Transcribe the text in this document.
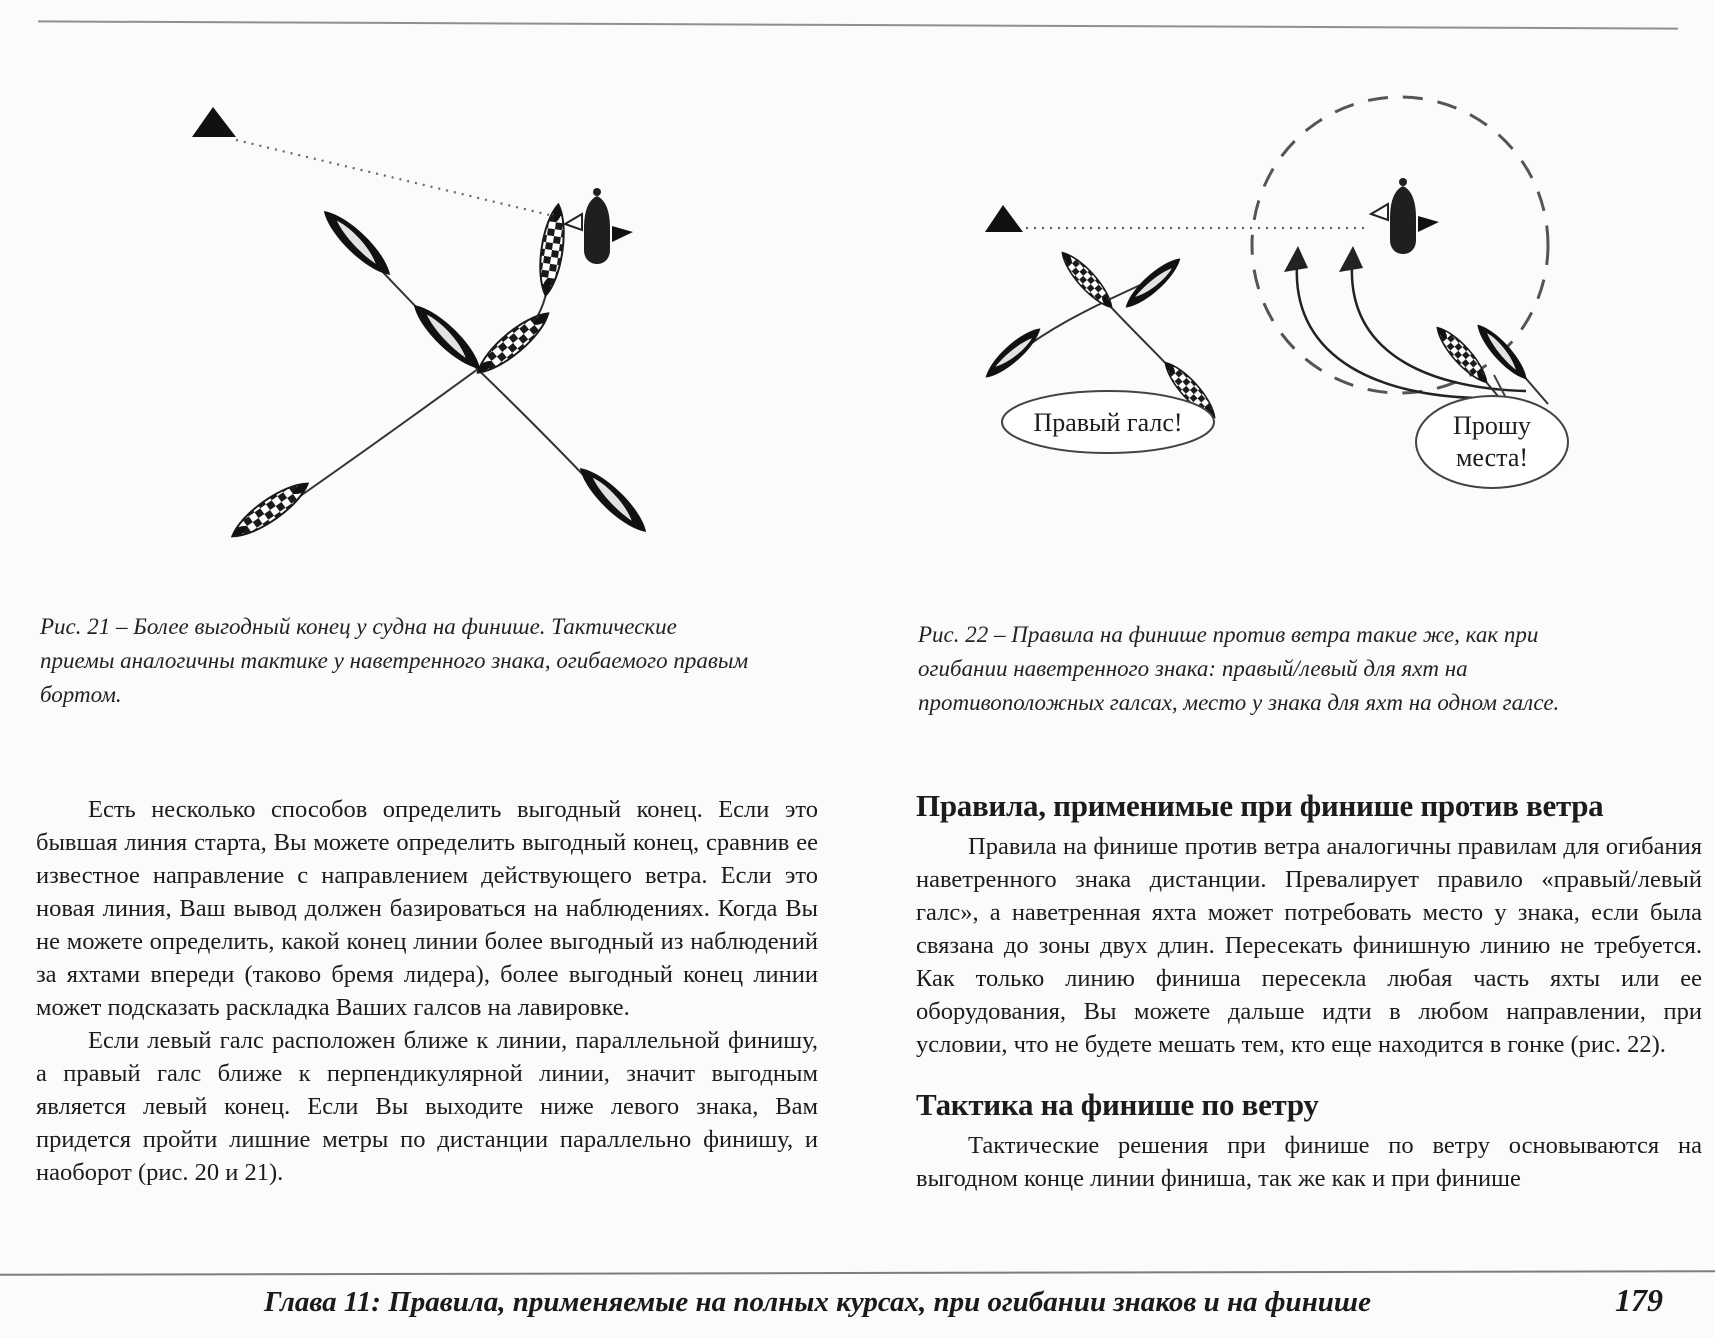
Правый галс!	Прошу
места!
Рис. 21 – Более выгодный конец у судна на финише. Тактические приемы аналогичны тактике у наветренного знака, огибаемого правым бортом.
Рис. 22 – Правила на финише против ветра такие же, как при огибании наветренного знака: правый/левый для яхт на противоположных галсах, место у знака для яхт на одном галсе.

Есть несколько способов определить выгодный конец. Если это бывшая линия старта, Вы можете определить выгодный конец, сравнив ее известное направление с направлением действующего ветра. Если это новая линия, Ваш вывод должен базироваться на наблюдениях. Когда Вы не можете определить, какой конец линии более выгодный из наблюдений за яхтами впереди (таково бремя лидера), более выгодный конец линии может подсказать раскладка Ваших галсов на лавировке.

Если левый галс расположен ближе к линии, параллельной финишу, а правый галс ближе к перпендикулярной линии, значит выгодным является левый конец. Если Вы выходите ниже левого знака, Вам придется пройти лишние метры по дистанции параллельно финишу, и наоборот (рис. 20 и 21).

Правила, применимые при финише против ветра

Правила на финише против ветра аналогичны правилам для огибания наветренного знака дистанции. Превалирует правило «правый/левый галс», а наветренная яхта может потребовать место у знака, если была связана до зоны двух длин. Пересекать финишную линию не требуется. Как только линию финиша пересекла любая часть яхты или ее оборудования, Вы можете дальше идти в любом направлении, при условии, что не будете мешать тем, кто еще находится в гонке (рис. 22).

Тактика на финише по ветру

Тактические решения при финише по ветру основываются на выгодном конце линии финиша, так же как и при финише

Глава 11: Правила, применяемые на полных курсах, при огибании знаков и на финише	179
